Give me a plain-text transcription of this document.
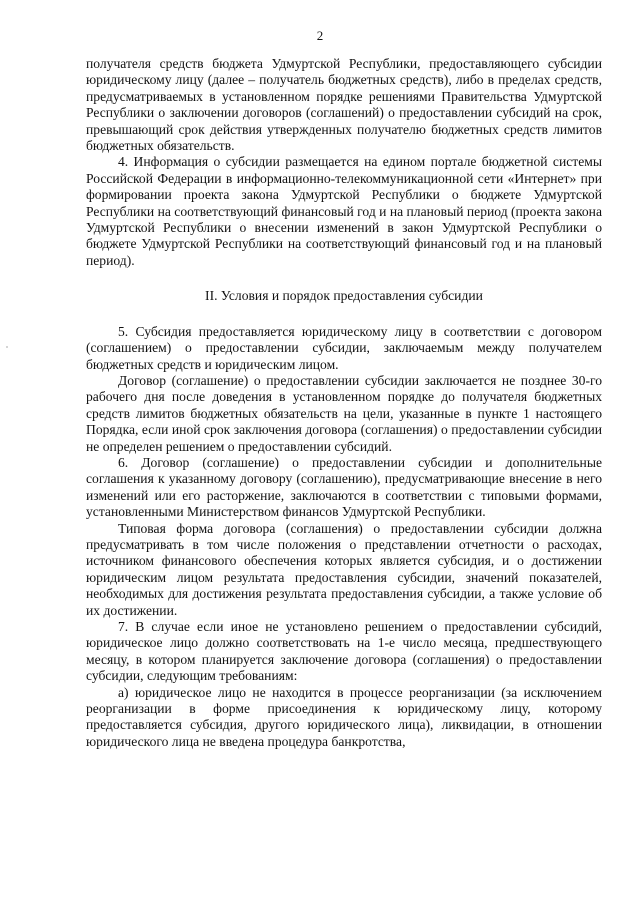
2

получателя средств бюджета Удмуртской Республики, предоставляющего субсидии юридическому лицу (далее – получатель бюджетных средств), либо в пределах средств, предусматриваемых в установленном порядке решениями Правительства Удмуртской Республики о заключении договоров (соглашений) о предоставлении субсидий на срок, превышающий срок действия утвержденных получателю бюджетных средств лимитов бюджетных обязательств.

4. Информация о субсидии размещается на едином портале бюджетной системы Российской Федерации в информационно-телекоммуникационной сети «Интернет» при формировании проекта закона Удмуртской Республики о бюджете Удмуртской Республики на соответствующий финансовый год и на плановый период (проекта закона Удмуртской Республики о внесении изменений в закон Удмуртской Республики о бюджете Удмуртской Республики на соответствующий финансовый год и на плановый период).

II. Условия и порядок предоставления субсидии

5. Субсидия предоставляется юридическому лицу в соответствии с договором (соглашением) о предоставлении субсидии, заключаемым между получателем бюджетных средств и юридическим лицом.

Договор (соглашение) о предоставлении субсидии заключается не позднее 30-го рабочего дня после доведения в установленном порядке до получателя бюджетных средств лимитов бюджетных обязательств на цели, указанные в пункте 1 настоящего Порядка, если иной срок заключения договора (соглашения) о предоставлении субсидии не определен решением о предоставлении субсидий.

6. Договор (соглашение) о предоставлении субсидии и дополнительные соглашения к указанному договору (соглашению), предусматривающие внесение в него изменений или его расторжение, заключаются в соответствии с типовыми формами, установленными Министерством финансов Удмуртской Республики.

Типовая форма договора (соглашения) о предоставлении субсидии должна предусматривать в том числе положения о представлении отчетности о расходах, источником финансового обеспечения которых является субсидия, и о достижении юридическим лицом результата предоставления субсидии, значений показателей, необходимых для достижения результата предоставления субсидии, а также условие об их достижении.

7. В случае если иное не установлено решением о предоставлении субсидий, юридическое лицо должно соответствовать на 1-е число месяца, предшествующего месяцу, в котором планируется заключение договора (соглашения) о предоставлении субсидии, следующим требованиям:

а) юридическое лицо не находится в процессе реорганизации (за исключением реорганизации в форме присоединения к юридическому лицу, которому предоставляется субсидия, другого юридического лица), ликвидации, в отношении юридического лица не введена процедура банкротства,
